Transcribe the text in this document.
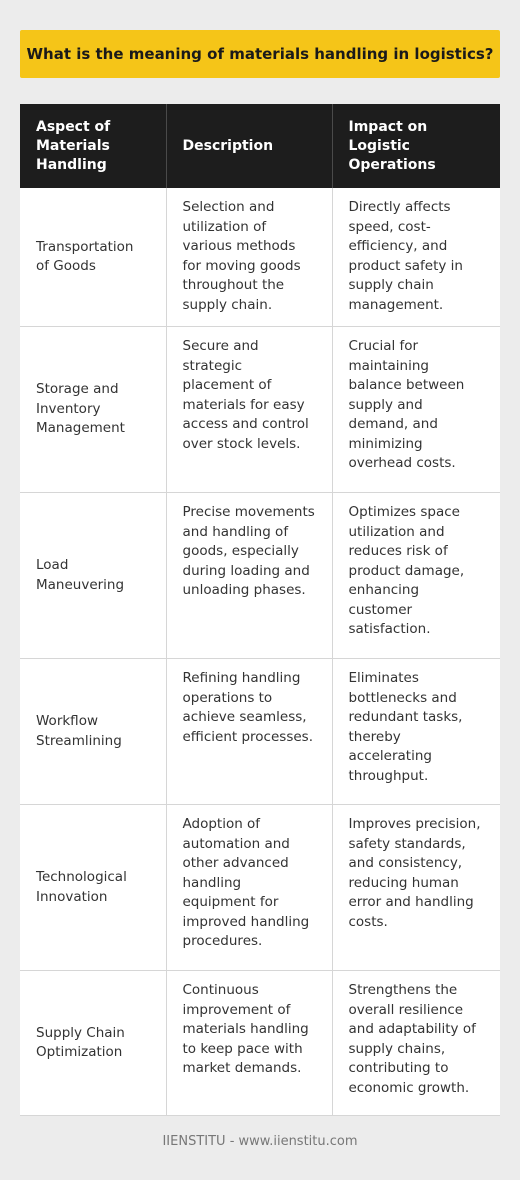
What is the meaning of materials handling in logistics?
Aspect of Materials Handling	Description	Impact on Logistic Operations
Transportation of Goods	Selection and utilization of various methods for moving goods throughout the supply chain.	Directly affects speed, cost-efficiency, and product safety in supply chain management.
Storage and Inventory Management	Secure and strategic placement of materials for easy access and control over stock levels.	Crucial for maintaining balance between supply and demand, and minimizing overhead costs.
Load Maneuvering	Precise movements and handling of goods, especially during loading and unloading phases.	Optimizes space utilization and reduces risk of product damage, enhancing customer satisfaction.
Workflow Streamlining	Refining handling operations to achieve seamless, efficient processes.	Eliminates bottlenecks and redundant tasks, thereby accelerating throughput.
Technological Innovation	Adoption of automation and other advanced handling equipment for improved handling procedures.	Improves precision, safety standards, and consistency, reducing human error and handling costs.
Supply Chain Optimization	Continuous improvement of materials handling to keep pace with market demands.	Strengthens the overall resilience and adaptability of supply chains, contributing to economic growth.
IIENSTITU - www.iienstitu.com
